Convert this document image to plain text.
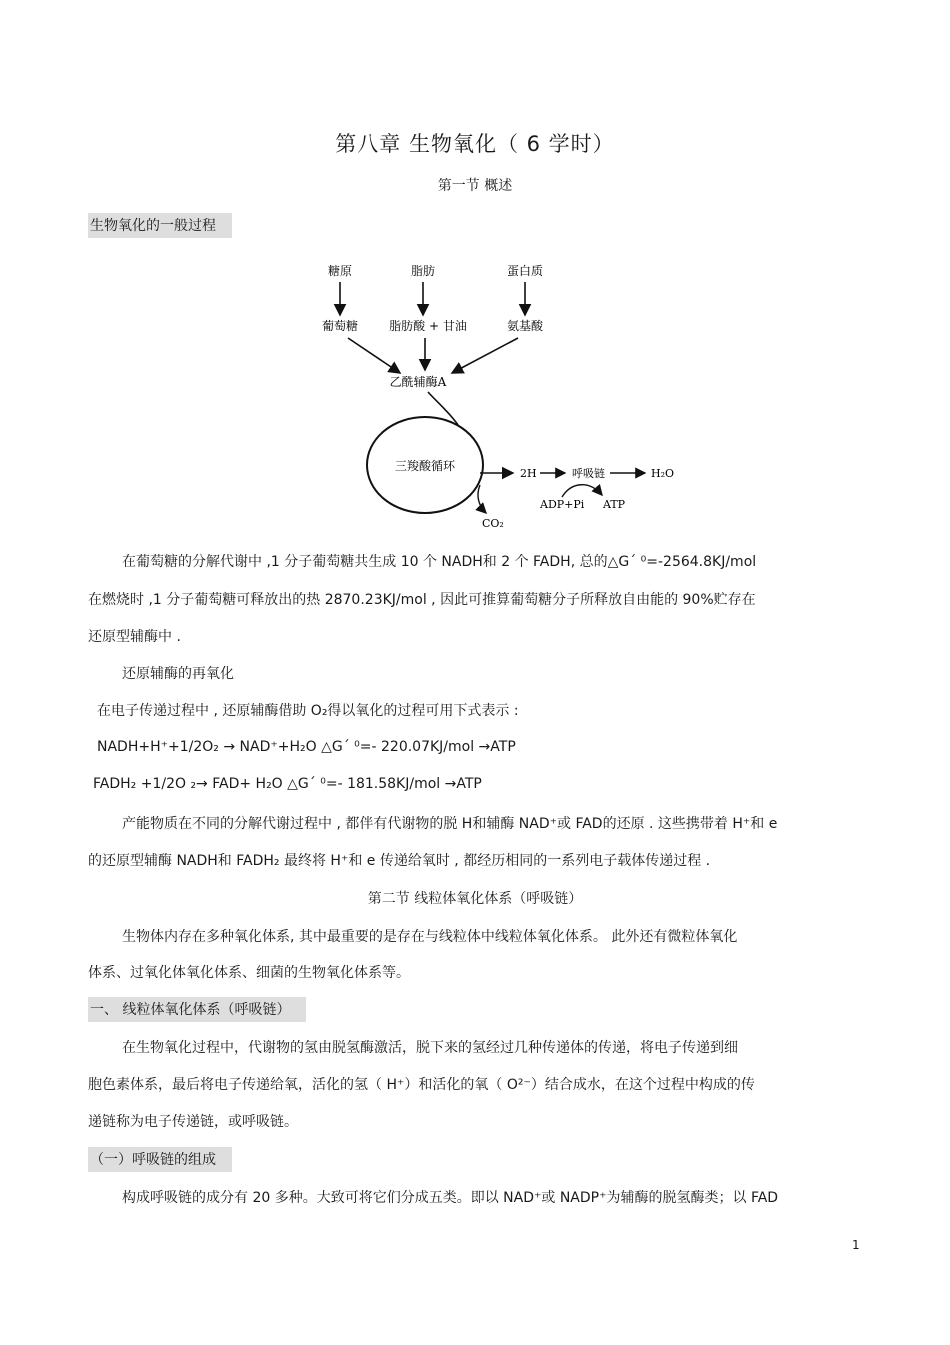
第八章 生物氧化（ 6 学时）
第一节 概述
生物氧化的一般过程
糖原	脂肪	蛋白质
葡萄糖	脂肪酸 + 甘油	氨基酸
乙酰辅酶A
三羧酸循环
2H	呼吸链	H₂O
ADP+Pi ATP
CO₂
在葡萄糖的分解代谢中 ,1 分子葡萄糖共生成 10 个 NADH和 2 个 FADH, 总的△G´ ⁰=-2564.8KJ/mol
在燃烧时 ,1 分子葡萄糖可释放出的热 2870.23KJ/mol , 因此可推算葡萄糖分子所释放自由能的 90%贮存在
还原型辅酶中 .
还原辅酶的再氧化
在电子传递过程中 , 还原辅酶借助 O₂得以氧化的过程可用下式表示 :
NADH+H⁺+1/2O₂ → NAD⁺+H₂O △G´ ⁰=- 220.07KJ/mol →ATP
FADH₂ +1/2O ₂→ FAD+ H₂O △G´ ⁰=- 181.58KJ/mol →ATP
产能物质在不同的分解代谢过程中 , 都伴有代谢物的脱 H和辅酶 NAD⁺或 FAD的还原 . 这些携带着 H⁺和 e
的还原型辅酶 NADH和 FADH₂ 最终将 H⁺和 e 传递给氧时 , 都经历相同的一系列电子载体传递过程 .
第二节 线粒体氧化体系（呼吸链）
生物体内存在多种氧化体系, 其中最重要的是存在与线粒体中线粒体氧化体系。 此外还有微粒体氧化
体系、过氧化体氧化体系、细菌的生物氧化体系等。
一、 线粒体氧化体系（呼吸链）
在生物氧化过程中，代谢物的氢由脱氢酶激活，脱下来的氢经过几种传递体的传递，将电子传递到细
胞色素体系，最后将电子传递给氧，活化的氢（ H⁺）和活化的氧（ O²⁻）结合成水，在这个过程中构成的传
递链称为电子传递链，或呼吸链。
（一）呼吸链的组成
构成呼吸链的成分有 20 多种。大致可将它们分成五类。即以 NAD⁺或 NADP⁺为辅酶的脱氢酶类；以 FAD
1
